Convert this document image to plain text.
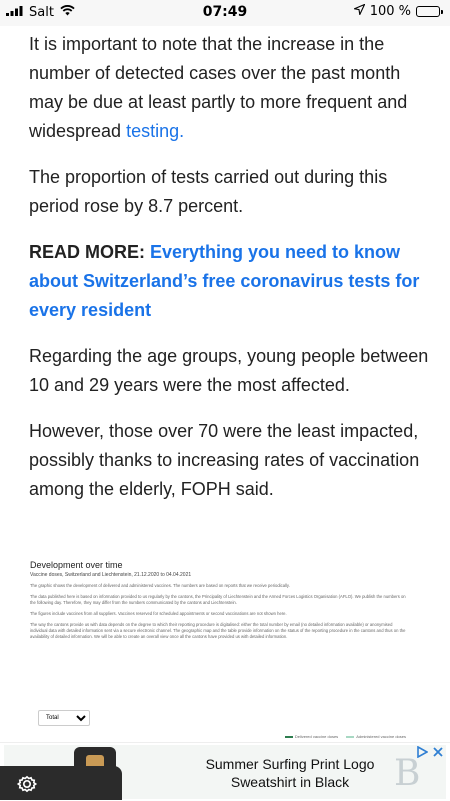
Salt	07:49	100 %

It is important to note that the increase in the number of detected cases over the past month may be due at least partly to more frequent and widespread testing.

The proportion of tests carried out during this period rose by 8.7 percent.

READ MORE: Everything you need to know about Switzerland’s free coronavirus tests for every resident

Regarding the age groups, young people between 10 and 29 years were the most affected.

However, those over 70 were the least impacted, possibly thanks to increasing rates of vaccination among the elderly, FOPH said.

Development over time
Vaccine doses, Switzerland and Liechtenstein, 21.12.2020 to 04.04.2021
The graphic shows the development of delivered and administered vaccines. The numbers are based on reports that we receive periodically.
The data published here is based on information provided to us regularly by the cantons, the Principality of Liechtenstein and the Armed Forces Logistics Organisation (AFLO). We publish the numbers on the following day. Therefore, they may differ from the numbers communicated by the cantons and Liechtenstein.
The figures include vaccines from all suppliers. Vaccines reserved for scheduled appointments or second vaccinations are not shown here.
The way the cantons provide us with data depends on the degree to which their reporting procedure is digitalised: either the total number by email (no detailed information available) or anonymised individual data with detailed information sent via a secure electronic channel. The geographic map and the table provide information on the status of the reporting procedure in the cantons and thus on the availability of detailed information. We will be able to create an overall view once all the cantons have provided us with detailed information.
Total
Delivered vaccine doses	Administered vaccine doses
Summer Surfing Print Logo Sweatshirt in Black	B
